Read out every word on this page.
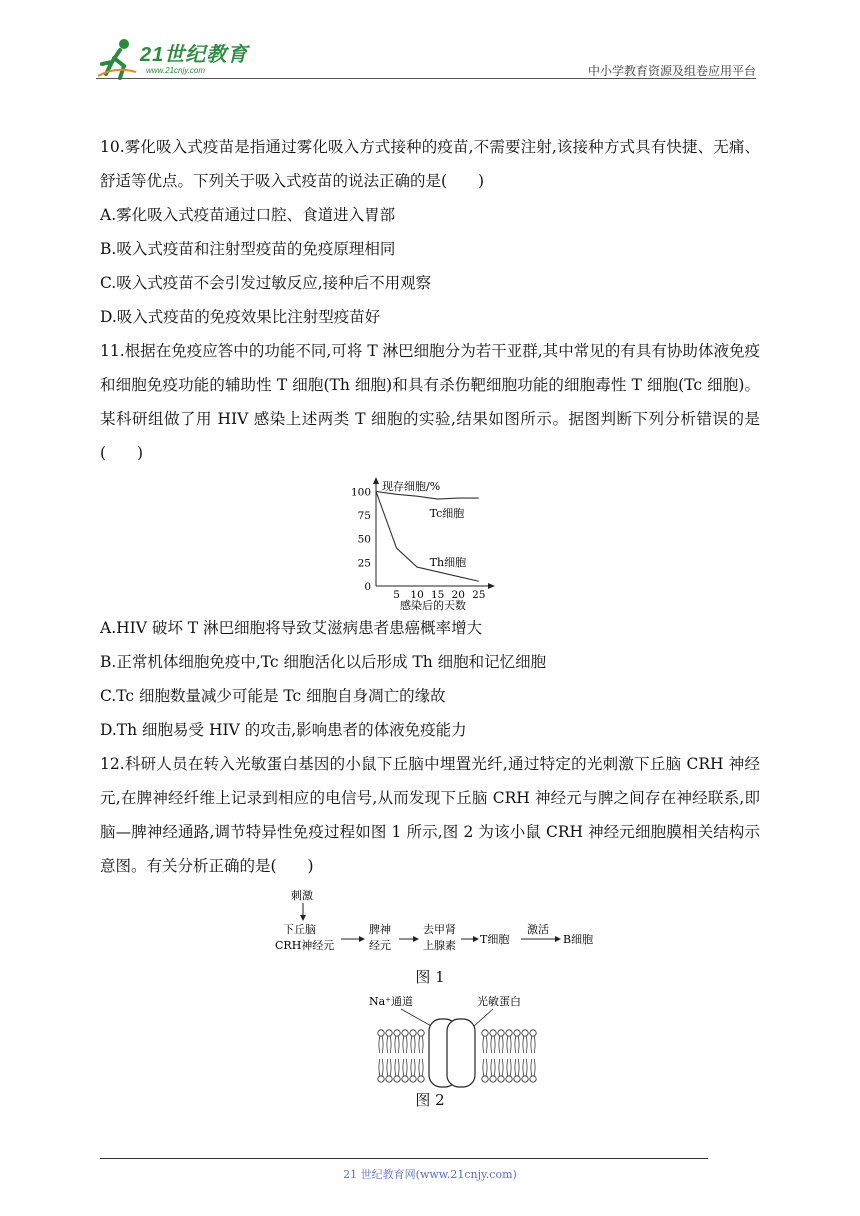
21世纪教育
www.21cnjy.com	中小学教育资源及组卷应用平台

10.雾化吸入式疫苗是指通过雾化吸入方式接种的疫苗,不需要注射,该接种方式具有快捷、无痛、舒适等优点。下列关于吸入式疫苗的说法正确的是(　　)

A.雾化吸入式疫苗通过口腔、食道进入胃部

B.吸入式疫苗和注射型疫苗的免疫原理相同

C.吸入式疫苗不会引发过敏反应,接种后不用观察

D.吸入式疫苗的免疫效果比注射型疫苗好

11.根据在免疫应答中的功能不同,可将 T 淋巴细胞分为若干亚群,其中常见的有具有协助体液免疫和细胞免疫功能的辅助性 T 细胞(Th 细胞)和具有杀伤靶细胞功能的细胞毒性 T 细胞(Tc 细胞)。某科研组做了用 HIV 感染上述两类 T 细胞的实验,结果如图所示。据图判断下列分析错误的是(　　)

现存细胞/%
感染后的天数
0
25
50
75
100
5 10 15 20 25
Tc细胞
Th细胞

A.HIV 破坏 T 淋巴细胞将导致艾滋病患者患癌概率增大

B.正常机体细胞免疫中,Tc 细胞活化以后形成 Th 细胞和记忆细胞

C.Tc 细胞数量减少可能是 Tc 细胞自身凋亡的缘故

D.Th 细胞易受 HIV 的攻击,影响患者的体液免疫能力

12.科研人员在转入光敏蛋白基因的小鼠下丘脑中埋置光纤,通过特定的光刺激下丘脑 CRH 神经元,在脾神经纤维上记录到相应的电信号,从而发现下丘脑 CRH 神经元与脾之间存在神经联系,即脑—脾神经通路,调节特异性免疫过程如图 1 所示,图 2 为该小鼠 CRH 神经元细胞膜相关结构示意图。有关分析正确的是(　　)

刺激
下丘脑
CRH神经元
脾神
经元
去甲肾
上腺素 T细胞
激活
B细胞
图 1
Na⁺通道	光敏蛋白
图 2
21 世纪教育网(www.21cnjy.com)
